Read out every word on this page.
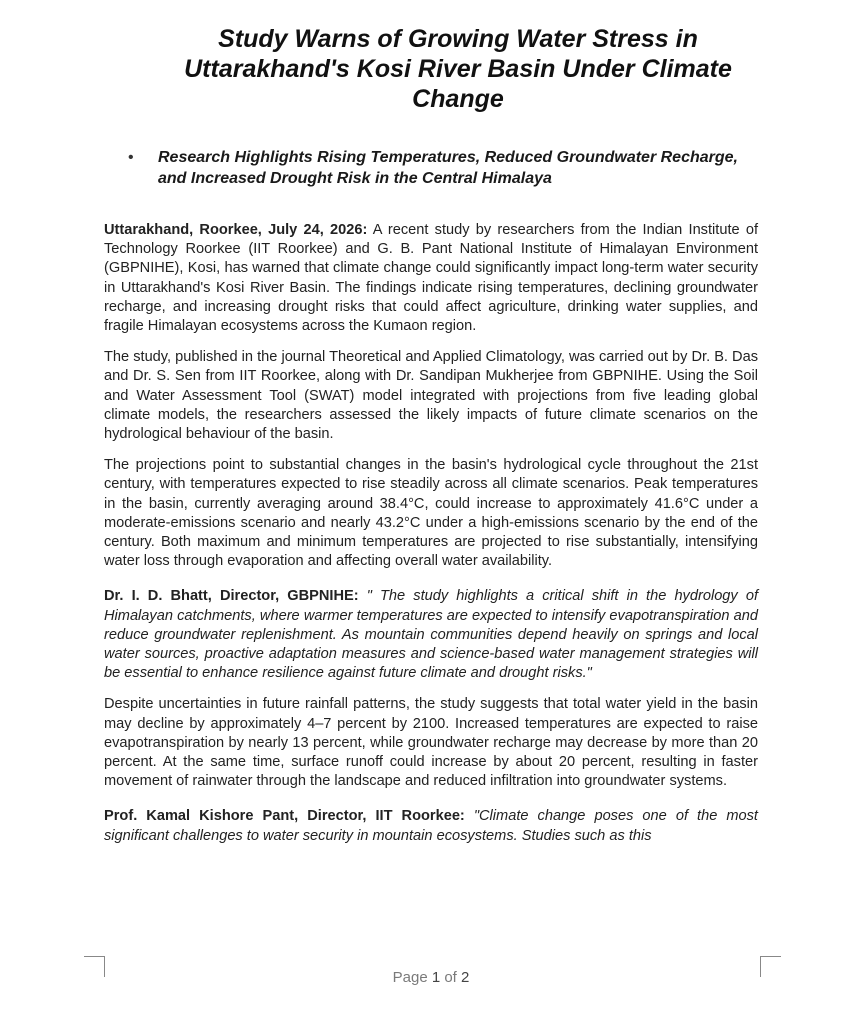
Study Warns of Growing Water Stress in Uttarakhand's Kosi River Basin Under Climate Change
•	Research Highlights Rising Temperatures, Reduced Groundwater Recharge, and Increased Drought Risk in the Central Himalaya

Uttarakhand, Roorkee, July 24, 2026: A recent study by researchers from the Indian Institute of Technology Roorkee (IIT Roorkee) and G. B. Pant National Institute of Himalayan Environment (GBPNIHE), Kosi, has warned that climate change could significantly impact long-term water security in Uttarakhand's Kosi River Basin. The findings indicate rising temperatures, declining groundwater recharge, and increasing drought risks that could affect agriculture, drinking water supplies, and fragile Himalayan ecosystems across the Kumaon region.

The study, published in the journal Theoretical and Applied Climatology, was carried out by Dr. B. Das and Dr. S. Sen from IIT Roorkee, along with Dr. Sandipan Mukherjee from GBPNIHE. Using the Soil and Water Assessment Tool (SWAT) model integrated with projections from five leading global climate models, the researchers assessed the likely impacts of future climate scenarios on the hydrological behaviour of the basin.

The projections point to substantial changes in the basin's hydrological cycle throughout the 21st century, with temperatures expected to rise steadily across all climate scenarios. Peak temperatures in the basin, currently averaging around 38.4°C, could increase to approximately 41.6°C under a moderate-emissions scenario and nearly 43.2°C under a high-emissions scenario by the end of the century. Both maximum and minimum temperatures are projected to rise substantially, intensifying water loss through evaporation and affecting overall water availability.

Dr. I. D. Bhatt, Director, GBPNIHE: " The study highlights a critical shift in the hydrology of Himalayan catchments, where warmer temperatures are expected to intensify evapotranspiration and reduce groundwater replenishment. As mountain communities depend heavily on springs and local water sources, proactive adaptation measures and science-based water management strategies will be essential to enhance resilience against future climate and drought risks."

Despite uncertainties in future rainfall patterns, the study suggests that total water yield in the basin may decline by approximately 4–7 percent by 2100. Increased temperatures are expected to raise evapotranspiration by nearly 13 percent, while groundwater recharge may decrease by more than 20 percent. At the same time, surface runoff could increase by about 20 percent, resulting in faster movement of rainwater through the landscape and reduced infiltration into groundwater systems.

Prof. Kamal Kishore Pant, Director, IIT Roorkee: "Climate change poses one of the most significant challenges to water security in mountain ecosystems. Studies such as this

Page 1 of 2
